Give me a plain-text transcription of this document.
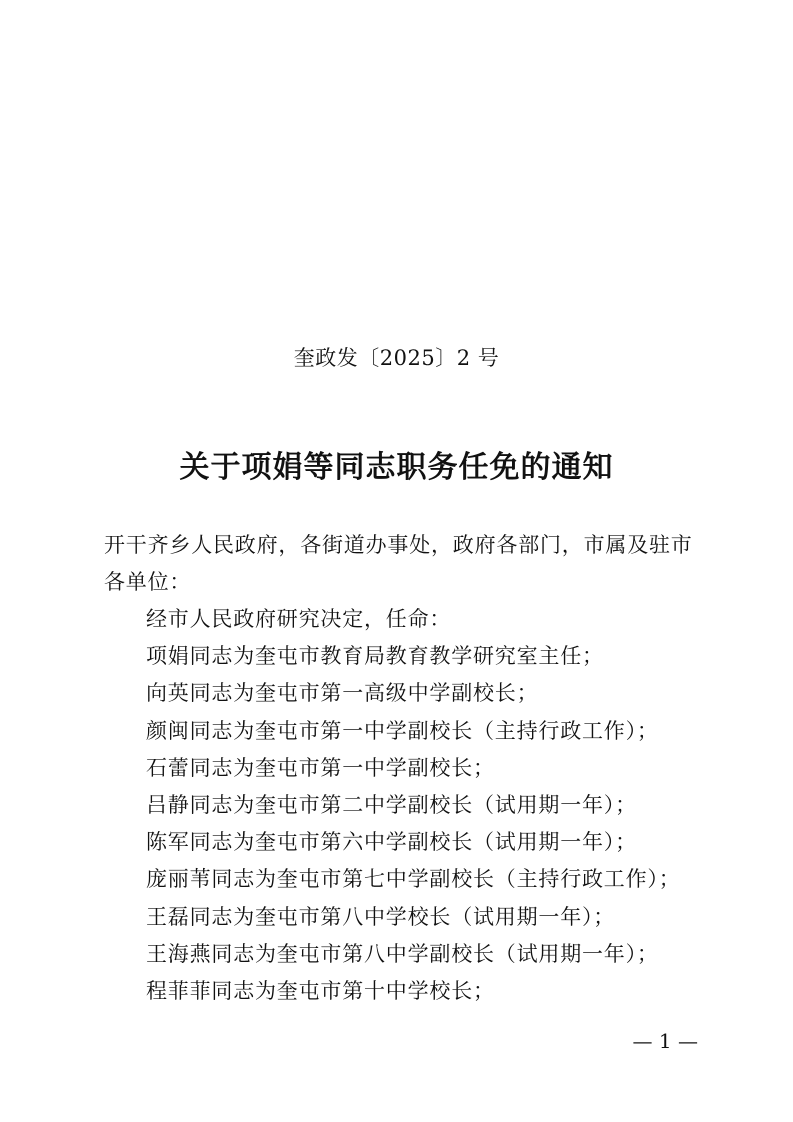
奎政发〔2025〕2 号
关于项娟等同志职务任免的通知

开干齐乡人民政府，各街道办事处，政府各部门，市属及驻市各单位：

经市人民政府研究决定，任命：
项娟同志为奎屯市教育局教育教学研究室主任；
向英同志为奎屯市第一高级中学副校长；
颜闽同志为奎屯市第一中学副校长（主持行政工作）；
石蕾同志为奎屯市第一中学副校长；
吕静同志为奎屯市第二中学副校长（试用期一年）；
陈军同志为奎屯市第六中学副校长（试用期一年）；
庞丽苇同志为奎屯市第七中学副校长（主持行政工作）；
王磊同志为奎屯市第八中学校长（试用期一年）；
王海燕同志为奎屯市第八中学副校长（试用期一年）；
程菲菲同志为奎屯市第十中学校长；
— 1 —
